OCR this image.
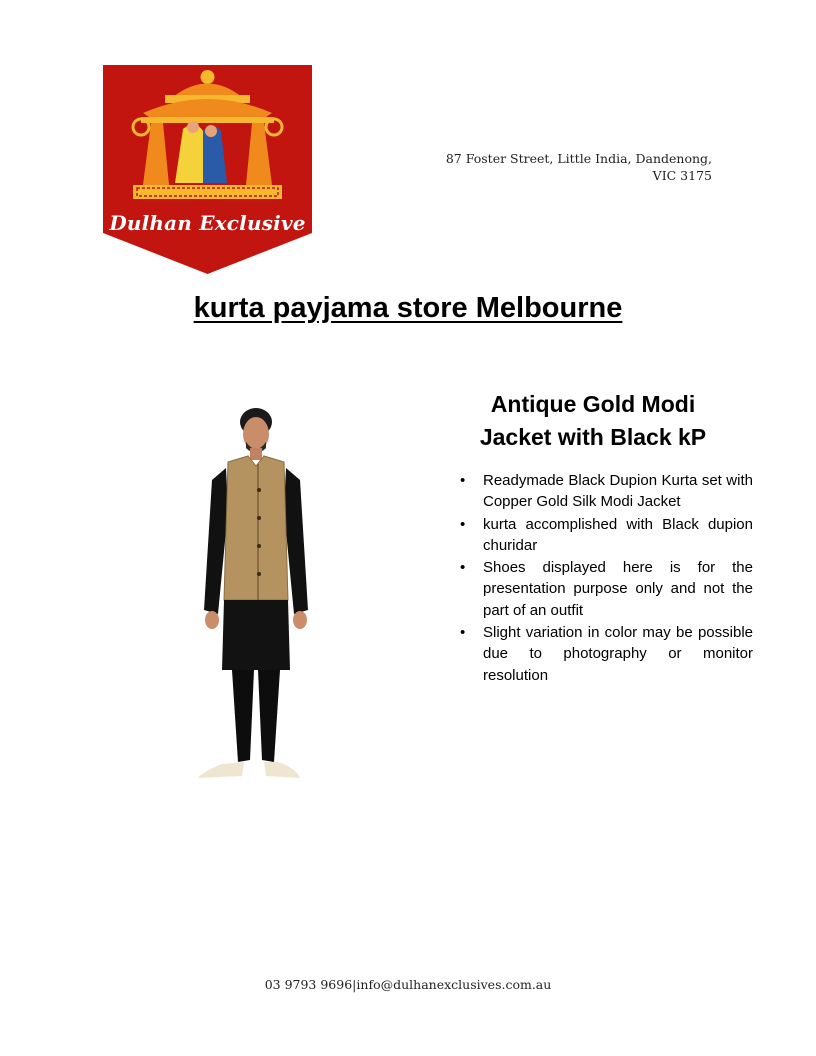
Dulhan Exclusive
87 Foster Street, Little India, Dandenong,
VIC 3175
kurta payjama store Melbourne
Antique Gold Modi
Jacket with Black kP
• Readymade Black Dupion Kurta set with Copper Gold Silk Modi Jacket
• kurta accomplished with Black dupion churidar
• Shoes displayed here is for the presentation purpose only and not the part of an outfit
• Slight variation in color may be possible due to photography or monitor resolution
03 9793 9696|info@dulhanexclusives.com.au
